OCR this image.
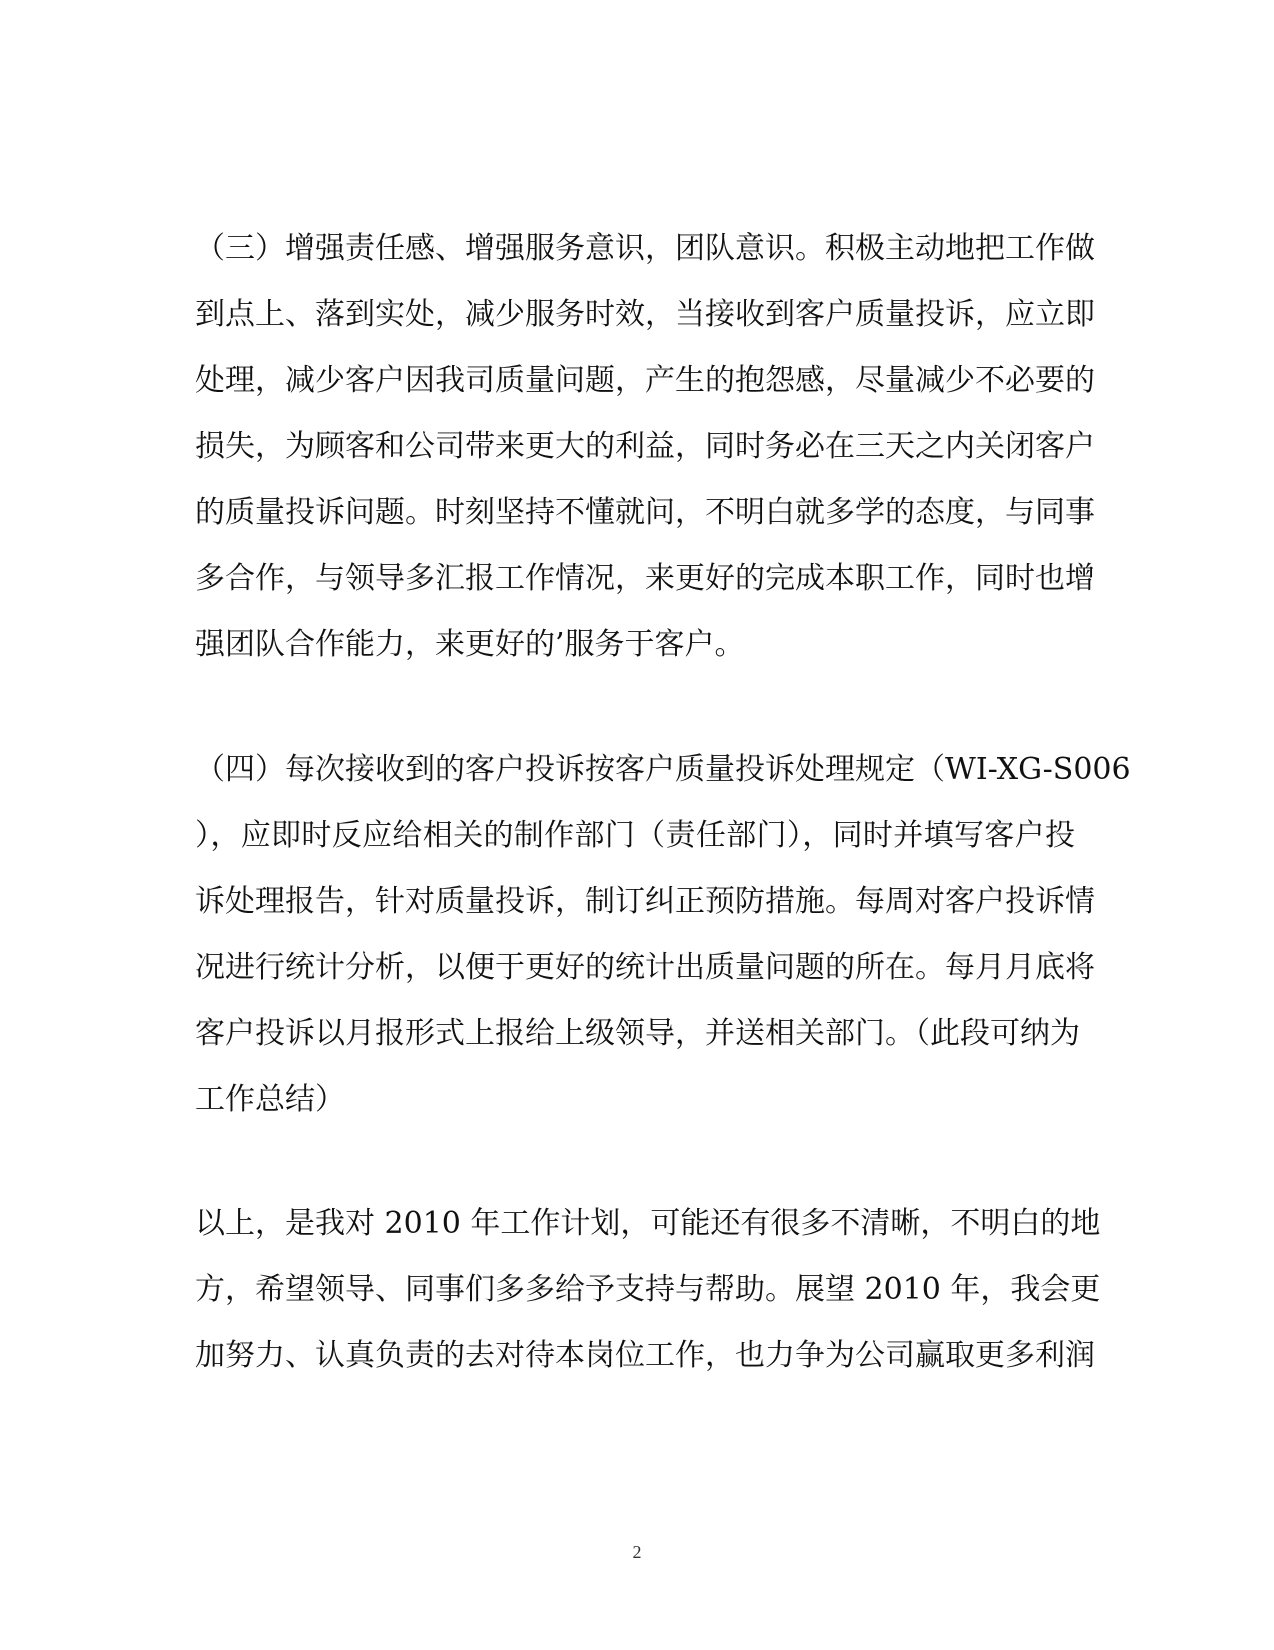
（三）增强责任感、增强服务意识，团队意识。积极主动地把工作做
到点上、落到实处，减少服务时效，当接收到客户质量投诉，应立即
处理，减少客户因我司质量问题，产生的抱怨感，尽量减少不必要的
损失，为顾客和公司带来更大的利益，同时务必在三天之内关闭客户
的质量投诉问题。时刻坚持不懂就问，不明白就多学的态度，与同事
多合作，与领导多汇报工作情况，来更好的完成本职工作，同时也增
强团队合作能力，来更好的’服务于客户。
（四）每次接收到的客户投诉按客户质量投诉处理规定（WI-XG-S006
），应即时反应给相关的制作部门（责任部门），同时并填写客户投
诉处理报告，针对质量投诉，制订纠正预防措施。每周对客户投诉情
况进行统计分析，以便于更好的统计出质量问题的所在。每月月底将
客户投诉以月报形式上报给上级领导，并送相关部门。（此段可纳为
工作总结）
以上，是我对 2010 年工作计划，可能还有很多不清晰，不明白的地
方，希望领导、同事们多多给予支持与帮助。展望 2010 年，我会更
加努力、认真负责的去对待本岗位工作，也力争为公司赢取更多利润
2
